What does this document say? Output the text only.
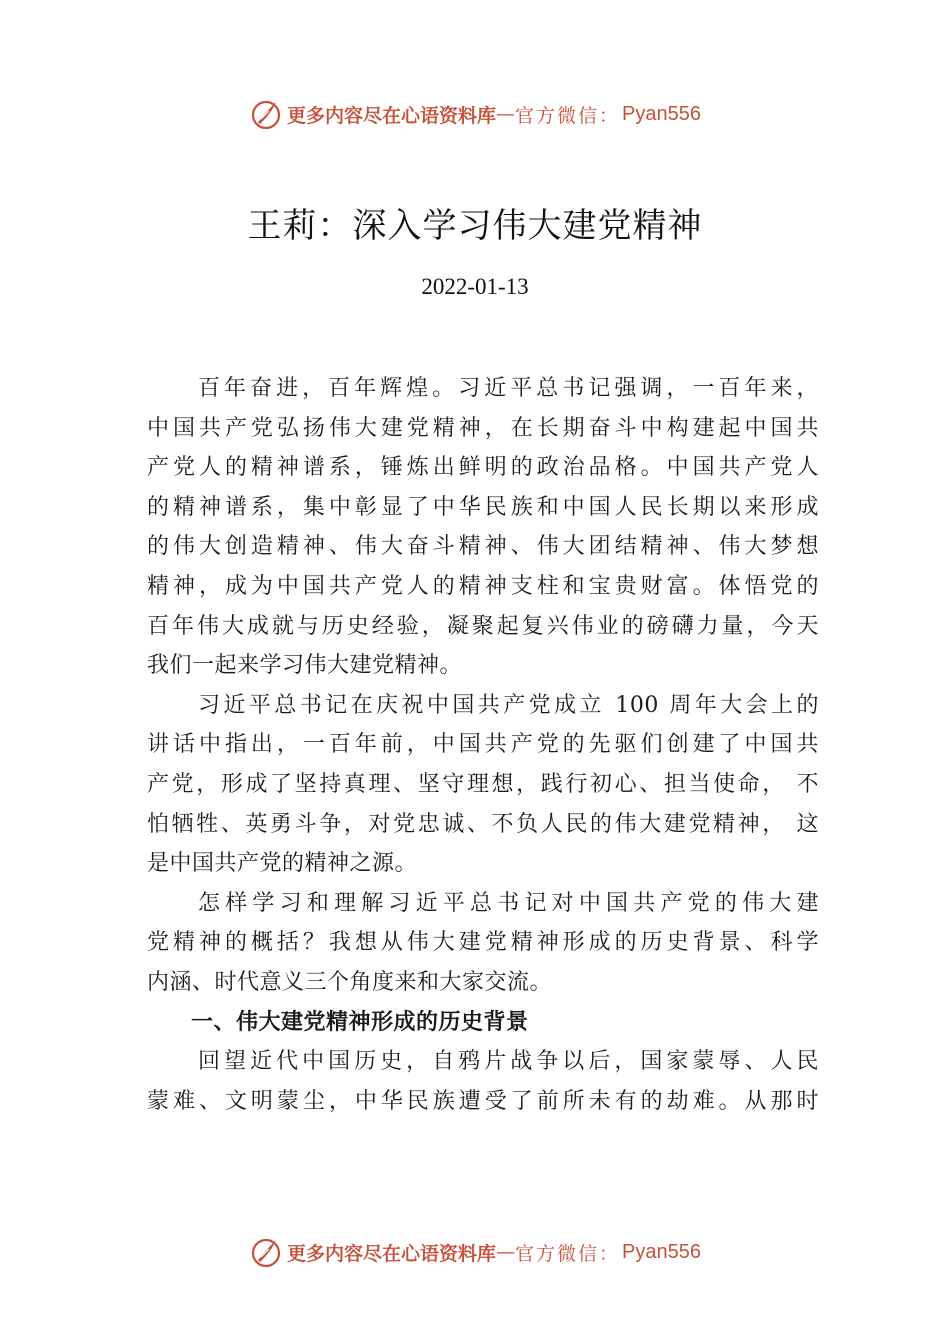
更多内容尽在心语资料库 — 官方微信： Pyan556
王莉：深入学习伟大建党精神
2022-01-13
百年奋进，百年辉煌。习近平总书记强调，一百年来，
中国共产党弘扬伟大建党精神，在长期奋斗中构建起中国共
产党人的精神谱系，锤炼出鲜明的政治品格。中国共产党人
的精神谱系，集中彰显了中华民族和中国人民长期以来形成
的伟大创造精神、伟大奋斗精神、伟大团结精神、伟大梦想
精神，成为中国共产党人的精神支柱和宝贵财富。体悟党的
百年伟大成就与历史经验，凝聚起复兴伟业的磅礴力量，今天
我们一起来学习伟大建党精神。
习近平总书记在庆祝中国共产党成立 100 周年大会上的
讲话中指出，一百年前，中国共产党的先驱们创建了中国共
产党，形成了坚持真理、坚守理想，践行初心、担当使命， 不
怕牺牲、英勇斗争，对党忠诚、不负人民的伟大建党精神， 这
是中国共产党的精神之源。
怎样学习和理解习近平总书记对中国共产党的伟大建
党精神的概括？我想从伟大建党精神形成的历史背景、科学
内涵、时代意义三个角度来和大家交流。
一、伟大建党精神形成的历史背景
回望近代中国历史，自鸦片战争以后，国家蒙辱、人民
蒙难、文明蒙尘，中华民族遭受了前所未有的劫难。从那时
更多内容尽在心语资料库 — 官方微信： Pyan556
